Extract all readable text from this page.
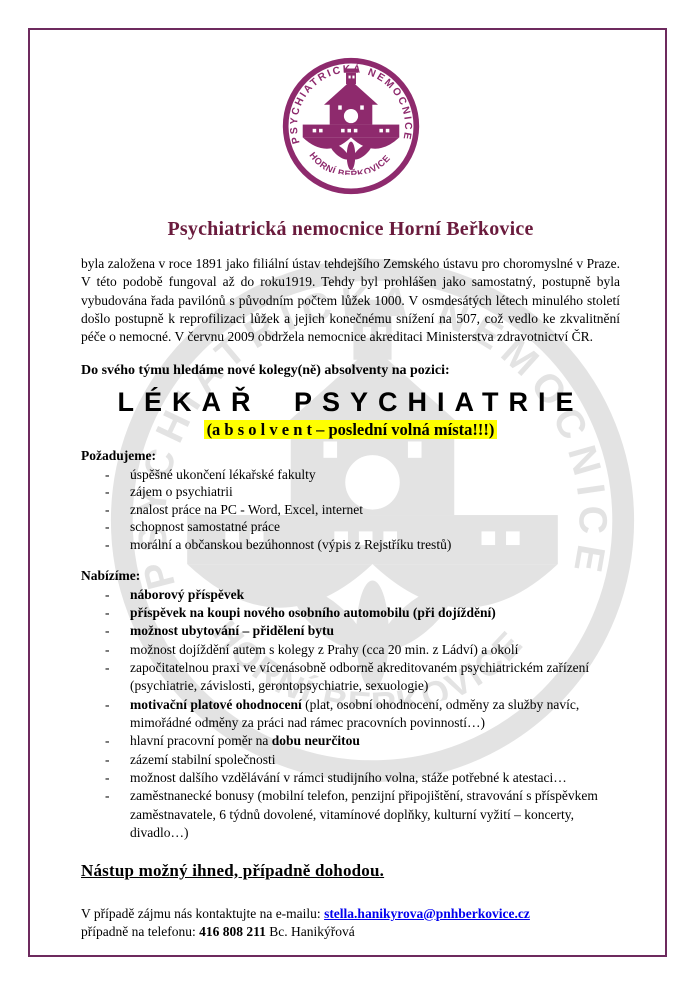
Psychiatrická nemocnice Horní Beřkovice

byla založena v roce 1891 jako filiální ústav tehdejšího Zemského ústavu pro choromyslné v Praze. V této podobě fungoval až do roku1919. Tehdy byl prohlášen jako samostatný, postupně byla vybudována řada pavilónů s původním počtem lůžek 1000. V osmdesátých létech minulého století došlo postupně k reprofilizaci lůžek a jejich konečnému snížení na 507, což vedlo ke zkvalitnění péče o nemocné. V červnu 2009 obdržela nemocnice akreditaci Ministerstva zdravotnictví ČR.

Do svého týmu hledáme nové kolegy(ně) absolventy na pozici:

LÉKAŘ PSYCHIATRIE
(a b s o l v e n t – poslední volná místa!!!)

Požadujeme:

- úspěšné ukončení lékařské fakulty
- zájem o psychiatrii
- znalost práce na PC - Word, Excel, internet
- schopnost samostatné práce
- morální a občanskou bezúhonnost (výpis z Rejstříku trestů)

Nabízíme:

- náborový příspěvek
- příspěvek na koupi nového osobního automobilu (při dojíždění)
- možnost ubytování – přidělení bytu
- možnost dojíždění autem s kolegy z Prahy (cca 20 min. z Ládví) a okolí
- započitatelnou praxi ve vícenásobně odborně akreditovaném psychiatrickém zařízení (psychiatrie, závislosti, gerontopsychiatrie, sexuologie)
- motivační platové ohodnocení (plat, osobní ohodnocení, odměny za služby navíc, mimořádné odměny za práci nad rámec pracovních povinností…)
- hlavní pracovní poměr na dobu neurčitou
- zázemí stabilní společnosti
- možnost dalšího vzdělávání v rámci studijního volna, stáže potřebné k atestaci…
- zaměstnanecké bonusy (mobilní telefon, penzijní připojištění, stravování s příspěvkem zaměstnavatele, 6 týdnů dovolené, vitamínové doplňky, kulturní vyžití – koncerty, divadlo…)
Nástup možný ihned, případně dohodou.

V případě zájmu nás kontaktujte na e-mailu: stella.hanikyrova@pnhberkovice.cz

případně na telefonu: 416 808 211 Bc. Hanikýřová
